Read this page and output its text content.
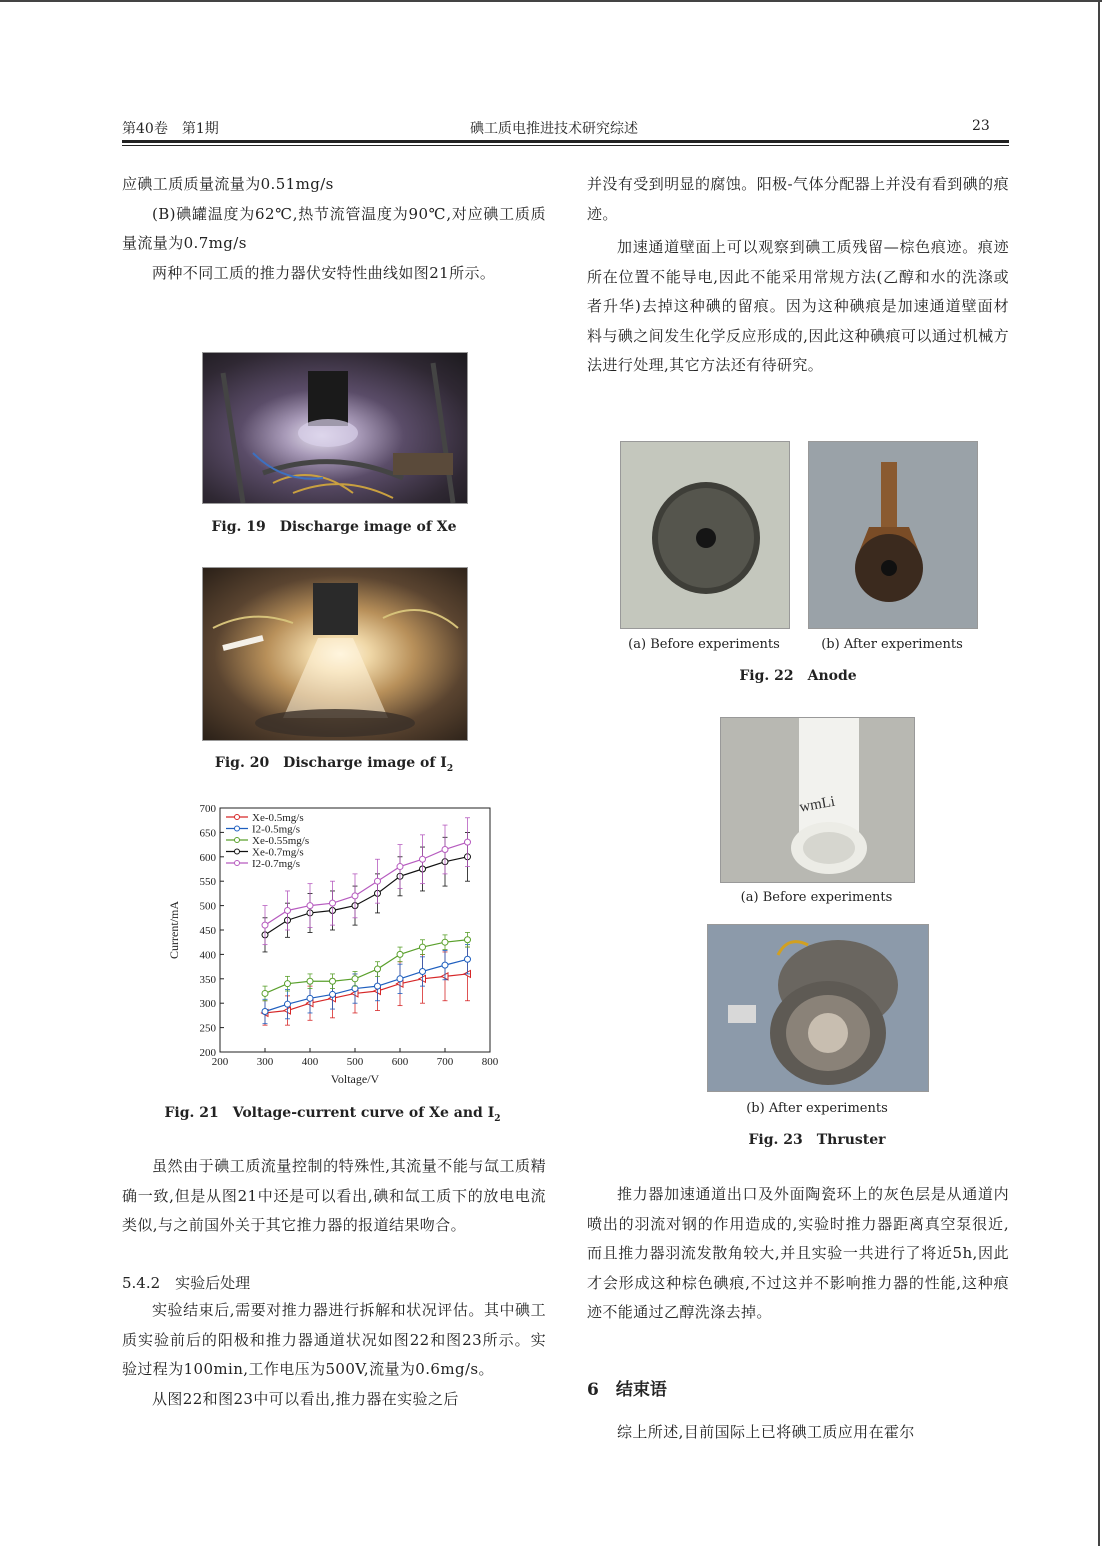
第40卷　第1期	碘工质电推进技术研究综述	23

应碘工质质量流量为0.51mg/s

(B)碘罐温度为62℃,热节流管温度为90℃,对应碘工质质量流量为0.7mg/s

两种不同工质的推力器伏安特性曲线如图21所示。

Fig. 19　Discharge image of Xe
Fig. 20　Discharge image of $I_2$
200	300	400	500	600	700	800
200
250
300
350
400
450
500
550
600
650
700
Voltage/V
Current/mA
Xe-0.5mg/s
I2-0.5mg/s
Xe-0.55mg/s
Xe-0.7mg/s
I2-0.7mg/s
Fig. 21　Voltage-current curve of Xe and $I_2$

虽然由于碘工质流量控制的特殊性,其流量不能与氙工质精确一致,但是从图21中还是可以看出,碘和氙工质下的放电电流类似,与之前国外关于其它推力器的报道结果吻合。

5.4.2　实验后处理

实验结束后,需要对推力器进行拆解和状况评估。其中碘工质实验前后的阳极和推力器通道状况如图22和图23所示。实验过程为100min,工作电压为500V,流量为0.6mg/s。

从图22和图23中可以看出,推力器在实验之后

并没有受到明显的腐蚀。阳极-气体分配器上并没有看到碘的痕迹。

加速通道壁面上可以观察到碘工质残留—棕色痕迹。痕迹所在位置不能导电,因此不能采用常规方法(乙醇和水的洗涤或者升华)去掉这种碘的留痕。因为这种碘痕是加速通道壁面材料与碘之间发生化学反应形成的,因此这种碘痕可以通过机械方法进行处理,其它方法还有待研究。

(a) Before experiments	(b) After experiments
Fig. 22　Anode
wmLi
(a) Before experiments
(b) After experiments
Fig. 23　Thruster

推力器加速通道出口及外面陶瓷环上的灰色层是从通道内喷出的羽流对钢的作用造成的,实验时推力器距离真空泵很近,而且推力器羽流发散角较大,并且实验一共进行了将近5h,因此才会形成这种棕色碘痕,不过这并不影响推力器的性能,这种痕迹不能通过乙醇洗涤去掉。

6　结束语

综上所述,目前国际上已将碘工质应用在霍尔
